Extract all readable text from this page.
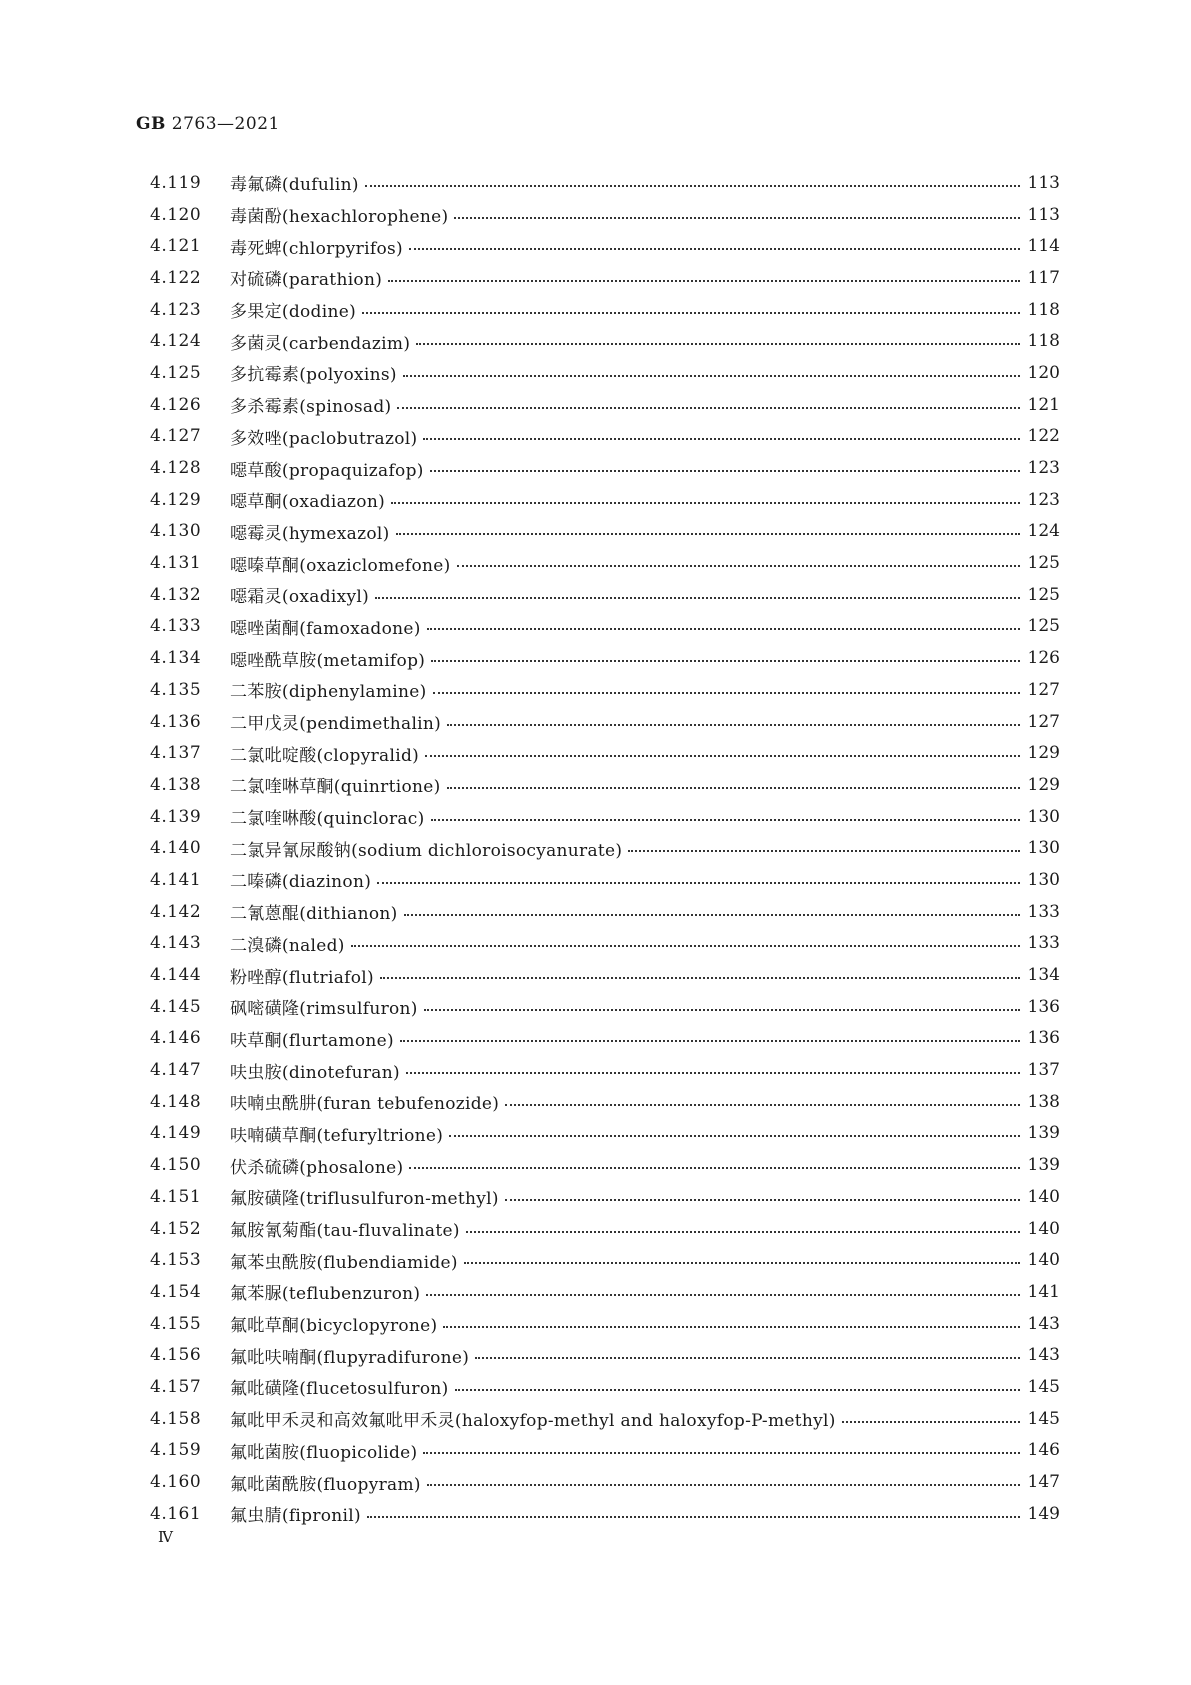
GB 2763—2021
4.119	毒氟磷(dufulin)	113
4.120	毒菌酚(hexachlorophene)	113
4.121	毒死蜱(chlorpyrifos)	114
4.122	对硫磷(parathion)	117
4.123	多果定(dodine)	118
4.124	多菌灵(carbendazim)	118
4.125	多抗霉素(polyoxins)	120
4.126	多杀霉素(spinosad)	121
4.127	多效唑(paclobutrazol)	122
4.128	噁草酸(propaquizafop)	123
4.129	噁草酮(oxadiazon)	123
4.130	噁霉灵(hymexazol)	124
4.131	噁嗪草酮(oxaziclomefone)	125
4.132	噁霜灵(oxadixyl)	125
4.133	噁唑菌酮(famoxadone)	125
4.134	噁唑酰草胺(metamifop)	126
4.135	二苯胺(diphenylamine)	127
4.136	二甲戊灵(pendimethalin)	127
4.137	二氯吡啶酸(clopyralid)	129
4.138	二氯喹啉草酮(quinrtione)	129
4.139	二氯喹啉酸(quinclorac)	130
4.140	二氯异氰尿酸钠(sodium dichloroisocyanurate)	130
4.141	二嗪磷(diazinon)	130
4.142	二氰蒽醌(dithianon)	133
4.143	二溴磷(naled)	133
4.144	粉唑醇(flutriafol)	134
4.145	砜嘧磺隆(rimsulfuron)	136
4.146	呋草酮(flurtamone)	136
4.147	呋虫胺(dinotefuran)	137
4.148	呋喃虫酰肼(furan tebufenozide)	138
4.149	呋喃磺草酮(tefuryltrione)	139
4.150	伏杀硫磷(phosalone)	139
4.151	氟胺磺隆(triflusulfuron-methyl)	140
4.152	氟胺氰菊酯(tau-fluvalinate)	140
4.153	氟苯虫酰胺(flubendiamide)	140
4.154	氟苯脲(teflubenzuron)	141
4.155	氟吡草酮(bicyclopyrone)	143
4.156	氟吡呋喃酮(flupyradifurone)	143
4.157	氟吡磺隆(flucetosulfuron)	145
4.158	氟吡甲禾灵和高效氟吡甲禾灵(haloxyfop-methyl and haloxyfop-P-methyl)	145
4.159	氟吡菌胺(fluopicolide)	146
4.160	氟吡菌酰胺(fluopyram)	147
4.161	氟虫腈(fipronil)	149
Ⅳ
